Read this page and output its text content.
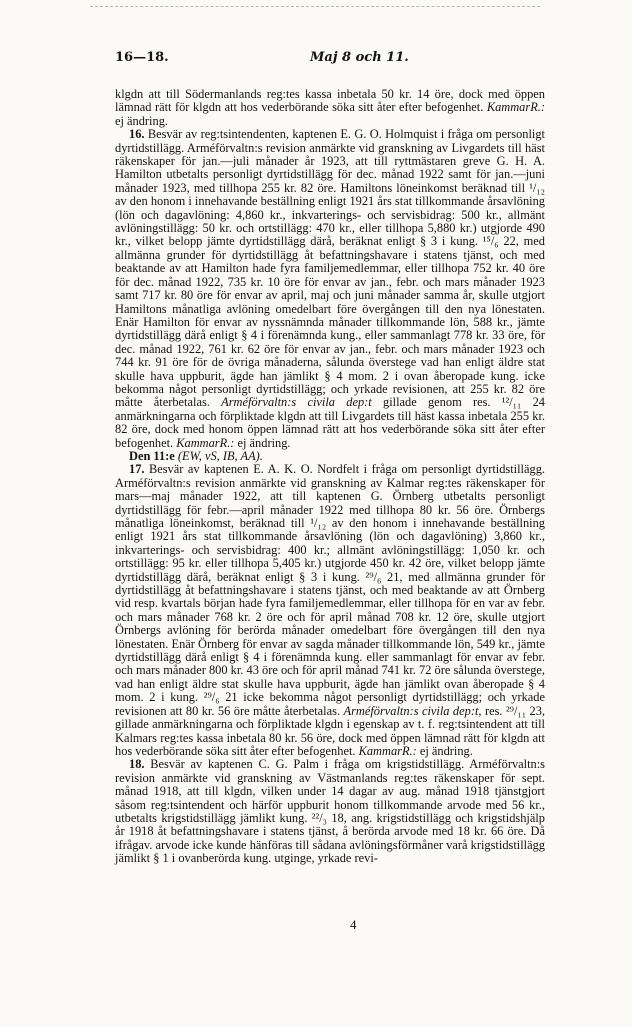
16—18.	Maj 8 och 11.

klgdn att till Södermanlands reg:tes kassa inbetala 50 kr. 14 öre, dock med öppen lämnad rätt för klgdn att hos vederbörande söka sitt åter efter befogenhet. KammarR.: ej ändring.

16. Besvär av reg:tsintendenten, kaptenen E. G. O. Holmquist i fråga om personligt dyrtidstillägg. Arméförvaltn:s revision anmärkte vid granskning av Livgardets till häst räkenskaper för jan.—juli månader år 1923, att till ryttmästaren greve G. H. A. Hamilton utbetalts personligt dyrtidstillägg för dec. månad 1922 samt för jan.—juni månader 1923, med tillhopa 255 kr. 82 öre. Hamiltons löneinkomst beräknad till ¹/₁₂ av den honom i innehavande beställning enligt 1921 års stat tillkommande årsavlöning (lön och dagavlöning: 4,860 kr., inkvarterings- och servisbidrag: 500 kr., allmänt avlöningstillägg: 50 kr. och ortstillägg: 470 kr., eller tillhopa 5,880 kr.) utgjorde 490 kr., vilket belopp jämte dyrtidstillägg därå, beräknat enligt § 3 i kung. ¹⁵/₆ 22, med allmänna grunder för dyrtidstillägg åt befattningshavare i statens tjänst, och med beaktande av att Hamilton hade fyra familjemedlemmar, eller tillhopa 752 kr. 40 öre för dec. månad 1922, 735 kr. 10 öre för envar av jan., febr. och mars månader 1923 samt 717 kr. 80 öre för envar av april, maj och juni månader samma år, skulle utgjort Hamiltons månatliga avlöning omedelbart före övergången till den nya lönestaten. Enär Hamilton för envar av nyssnämnda månader tillkommande lön, 588 kr., jämte dyrtidstillägg därå enligt § 4 i förenämnda kung., eller sammanlagt 778 kr. 33 öre, för dec. månad 1922, 761 kr. 62 öre för envar av jan., febr. och mars månader 1923 och 744 kr. 91 öre för de övriga månaderna, sålunda överstege vad han enligt äldre stat skulle hava uppburit, ägde han jämlikt § 4 mom. 2 i ovan åberopade kung. icke bekomma något personligt dyrtidstillägg; och yrkade revisionen, att 255 kr. 82 öre måtte återbetalas. Arméförvaltn:s civila dep:t gillade genom res. ¹²/₁₁ 24 anmärkningarna och förpliktade klgdn att till Livgardets till häst kassa inbetala 255 kr. 82 öre, dock med honom öppen lämnad rätt att hos vederbörande söka sitt åter efter befogenhet. KammarR.: ej ändring.

Den 11:e (EW, vS, IB, AA).

17. Besvär av kaptenen E. A. K. O. Nordfelt i fråga om personligt dyrtidstillägg. Arméförvaltn:s revision anmärkte vid granskning av Kalmar reg:tes räkenskaper för mars—maj månader 1922, att till kaptenen G. Örnberg utbetalts personligt dyrtidstillägg för febr.—april månader 1922 med tillhopa 80 kr. 56 öre. Örnbergs månatliga löneinkomst, beräknad till ¹/₁₂ av den honom i innehavande beställning enligt 1921 års stat tillkommande årsavlöning (lön och dagavlöning) 3,860 kr., inkvarterings- och servisbidrag: 400 kr.; allmänt avlöningstillägg: 1,050 kr. och ortstillägg: 95 kr. eller tillhopa 5,405 kr.) utgjorde 450 kr. 42 öre, vilket belopp jämte dyrtidstillägg därå, beräknat enligt § 3 i kung. ²⁹/₆ 21, med allmänna grunder för dyrtidstillägg åt befattningshavare i statens tjänst, och med beaktande av att Örnberg vid resp. kvartals början hade fyra familjemedlemmar, eller tillhopa för en var av febr. och mars månader 768 kr. 2 öre och för april månad 708 kr. 12 öre, skulle utgjort Örnbergs avlöning för berörda månader omedelbart före övergången till den nya lönestaten. Enär Örnberg för envar av sagda månader tillkommande lön, 549 kr., jämte dyrtidstillägg därå enligt § 4 i förenämnda kung. eller sammanlagt för envar av febr. och mars månader 800 kr. 43 öre och för april månad 741 kr. 72 öre sålunda överstege, vad han enligt äldre stat skulle hava uppburit, ägde han jämlikt ovan åberopade § 4 mom. 2 i kung. ²⁹/₆ 21 icke bekomma något personligt dyrtidstillägg; och yrkade revisionen att 80 kr. 56 öre måtte återbetalas. Arméförvaltn:s civila dep:t, res. ²⁹/₁₁ 23, gillade anmärkningarna och förpliktade klgdn i egenskap av t. f. reg:tsintendent att till Kalmars reg:tes kassa inbetala 80 kr. 56 öre, dock med öppen lämnad rätt för klgdn att hos vederbörande söka sitt åter efter befogenhet. KammarR.: ej ändring.

18. Besvär av kaptenen C. G. Palm i fråga om krigstidstillägg. Arméförvaltn:s revision anmärkte vid granskning av Västmanlands reg:tes räkenskaper för sept. månad 1918, att till klgdn, vilken under 14 dagar av aug. månad 1918 tjänstgjort såsom reg:tsintendent och härför uppburit honom tillkommande arvode med 56 kr., utbetalts krigstidstillägg jämlikt kung. ²²/₃ 18, ang. krigstidstillägg och krigstidshjälp år 1918 åt befattningshavare i statens tjänst, å berörda arvode med 18 kr. 66 öre. Då ifrågav. arvode icke kunde hänföras till sådana avlöningsförmåner varå krigstidstillägg jämlikt § 1 i ovanberörda kung. utginge, yrkade revi-

4
